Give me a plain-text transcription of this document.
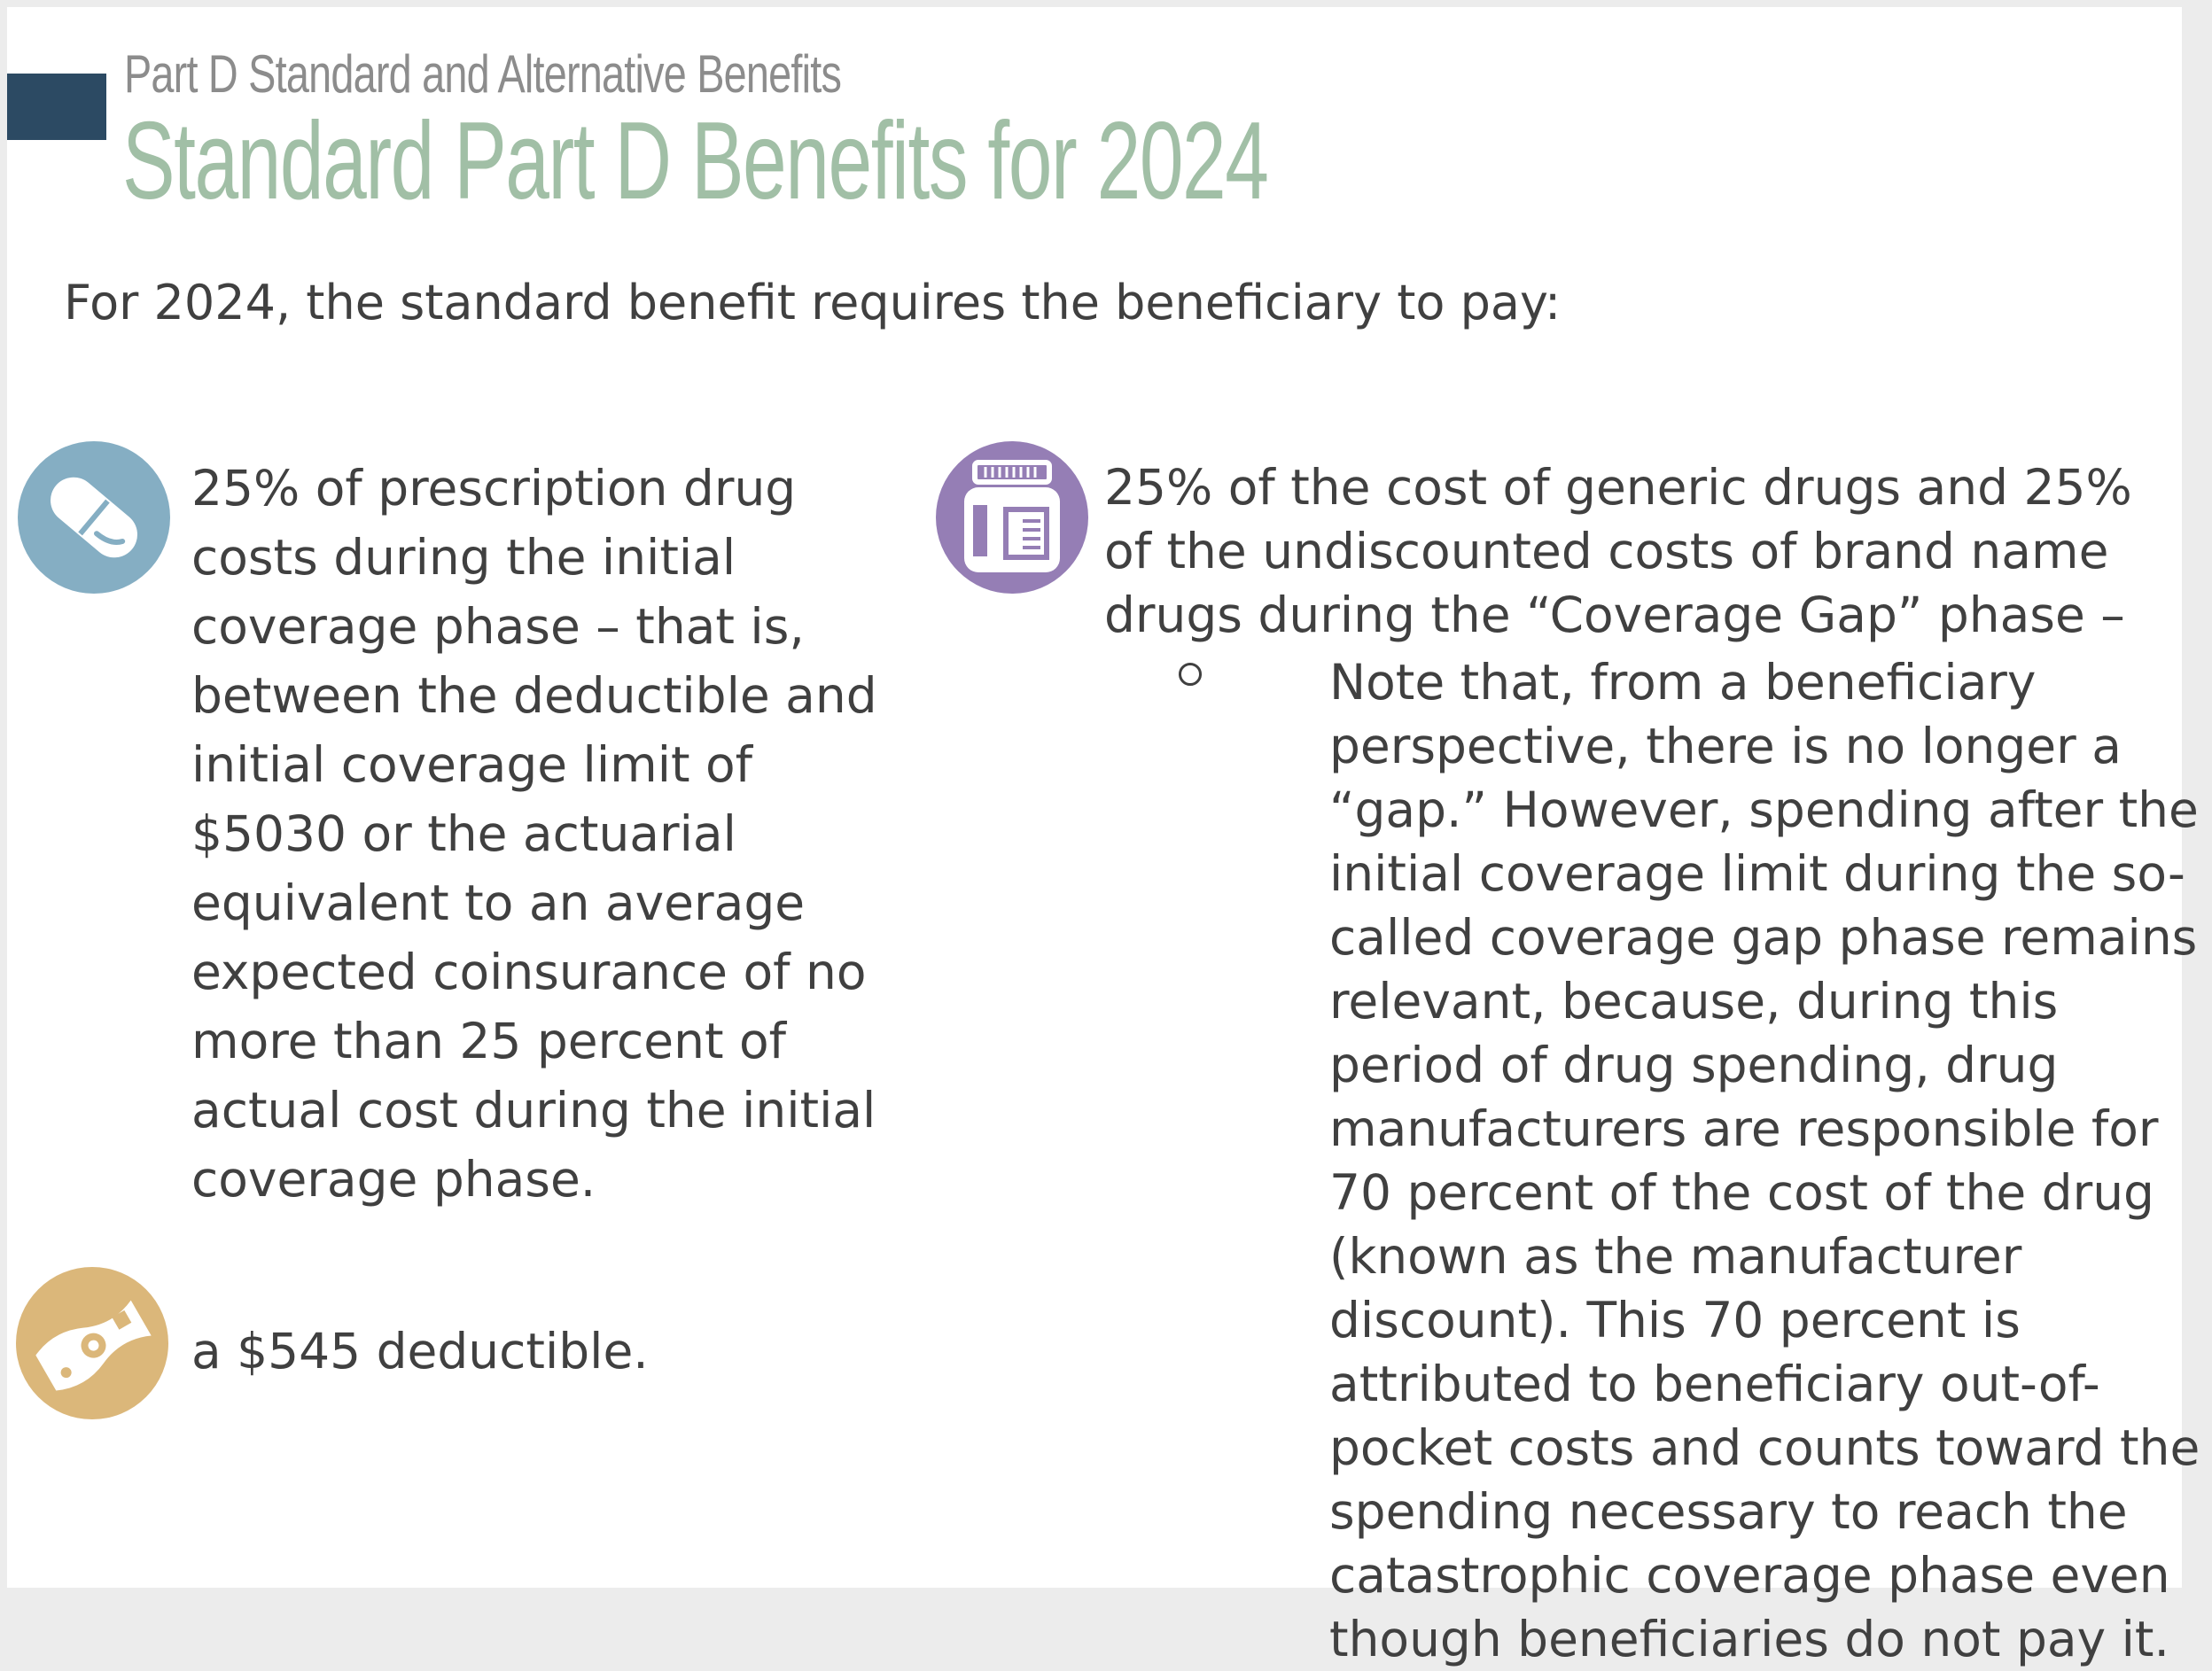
Part D Standard and Alternative Benefits
Standard Part D Benefits for 2024
For 2024, the standard benefit requires the beneficiary to pay:
25% of prescription drug costs during the initial coverage phase – that is, between the deductible and initial coverage limit of $5030 or the actuarial equivalent to an average expected coinsurance of no more than 25 percent of actual cost during the initial coverage phase.
a $545 deductible.
25% of the cost of generic drugs and 25% of the undiscounted costs of brand name drugs during the “Coverage Gap” phase –
Note that, from a beneficiary perspective, there is no longer a “gap.” However, spending after the initial coverage limit during the so-called coverage gap phase remains relevant, because, during this period of drug spending, drug manufacturers are responsible for 70 percent of the cost of the drug (known as the manufacturer discount). This 70 percent is attributed to beneficiary out-of-pocket costs and counts toward the spending necessary to reach the catastrophic coverage phase even though beneficiaries do not pay it.
